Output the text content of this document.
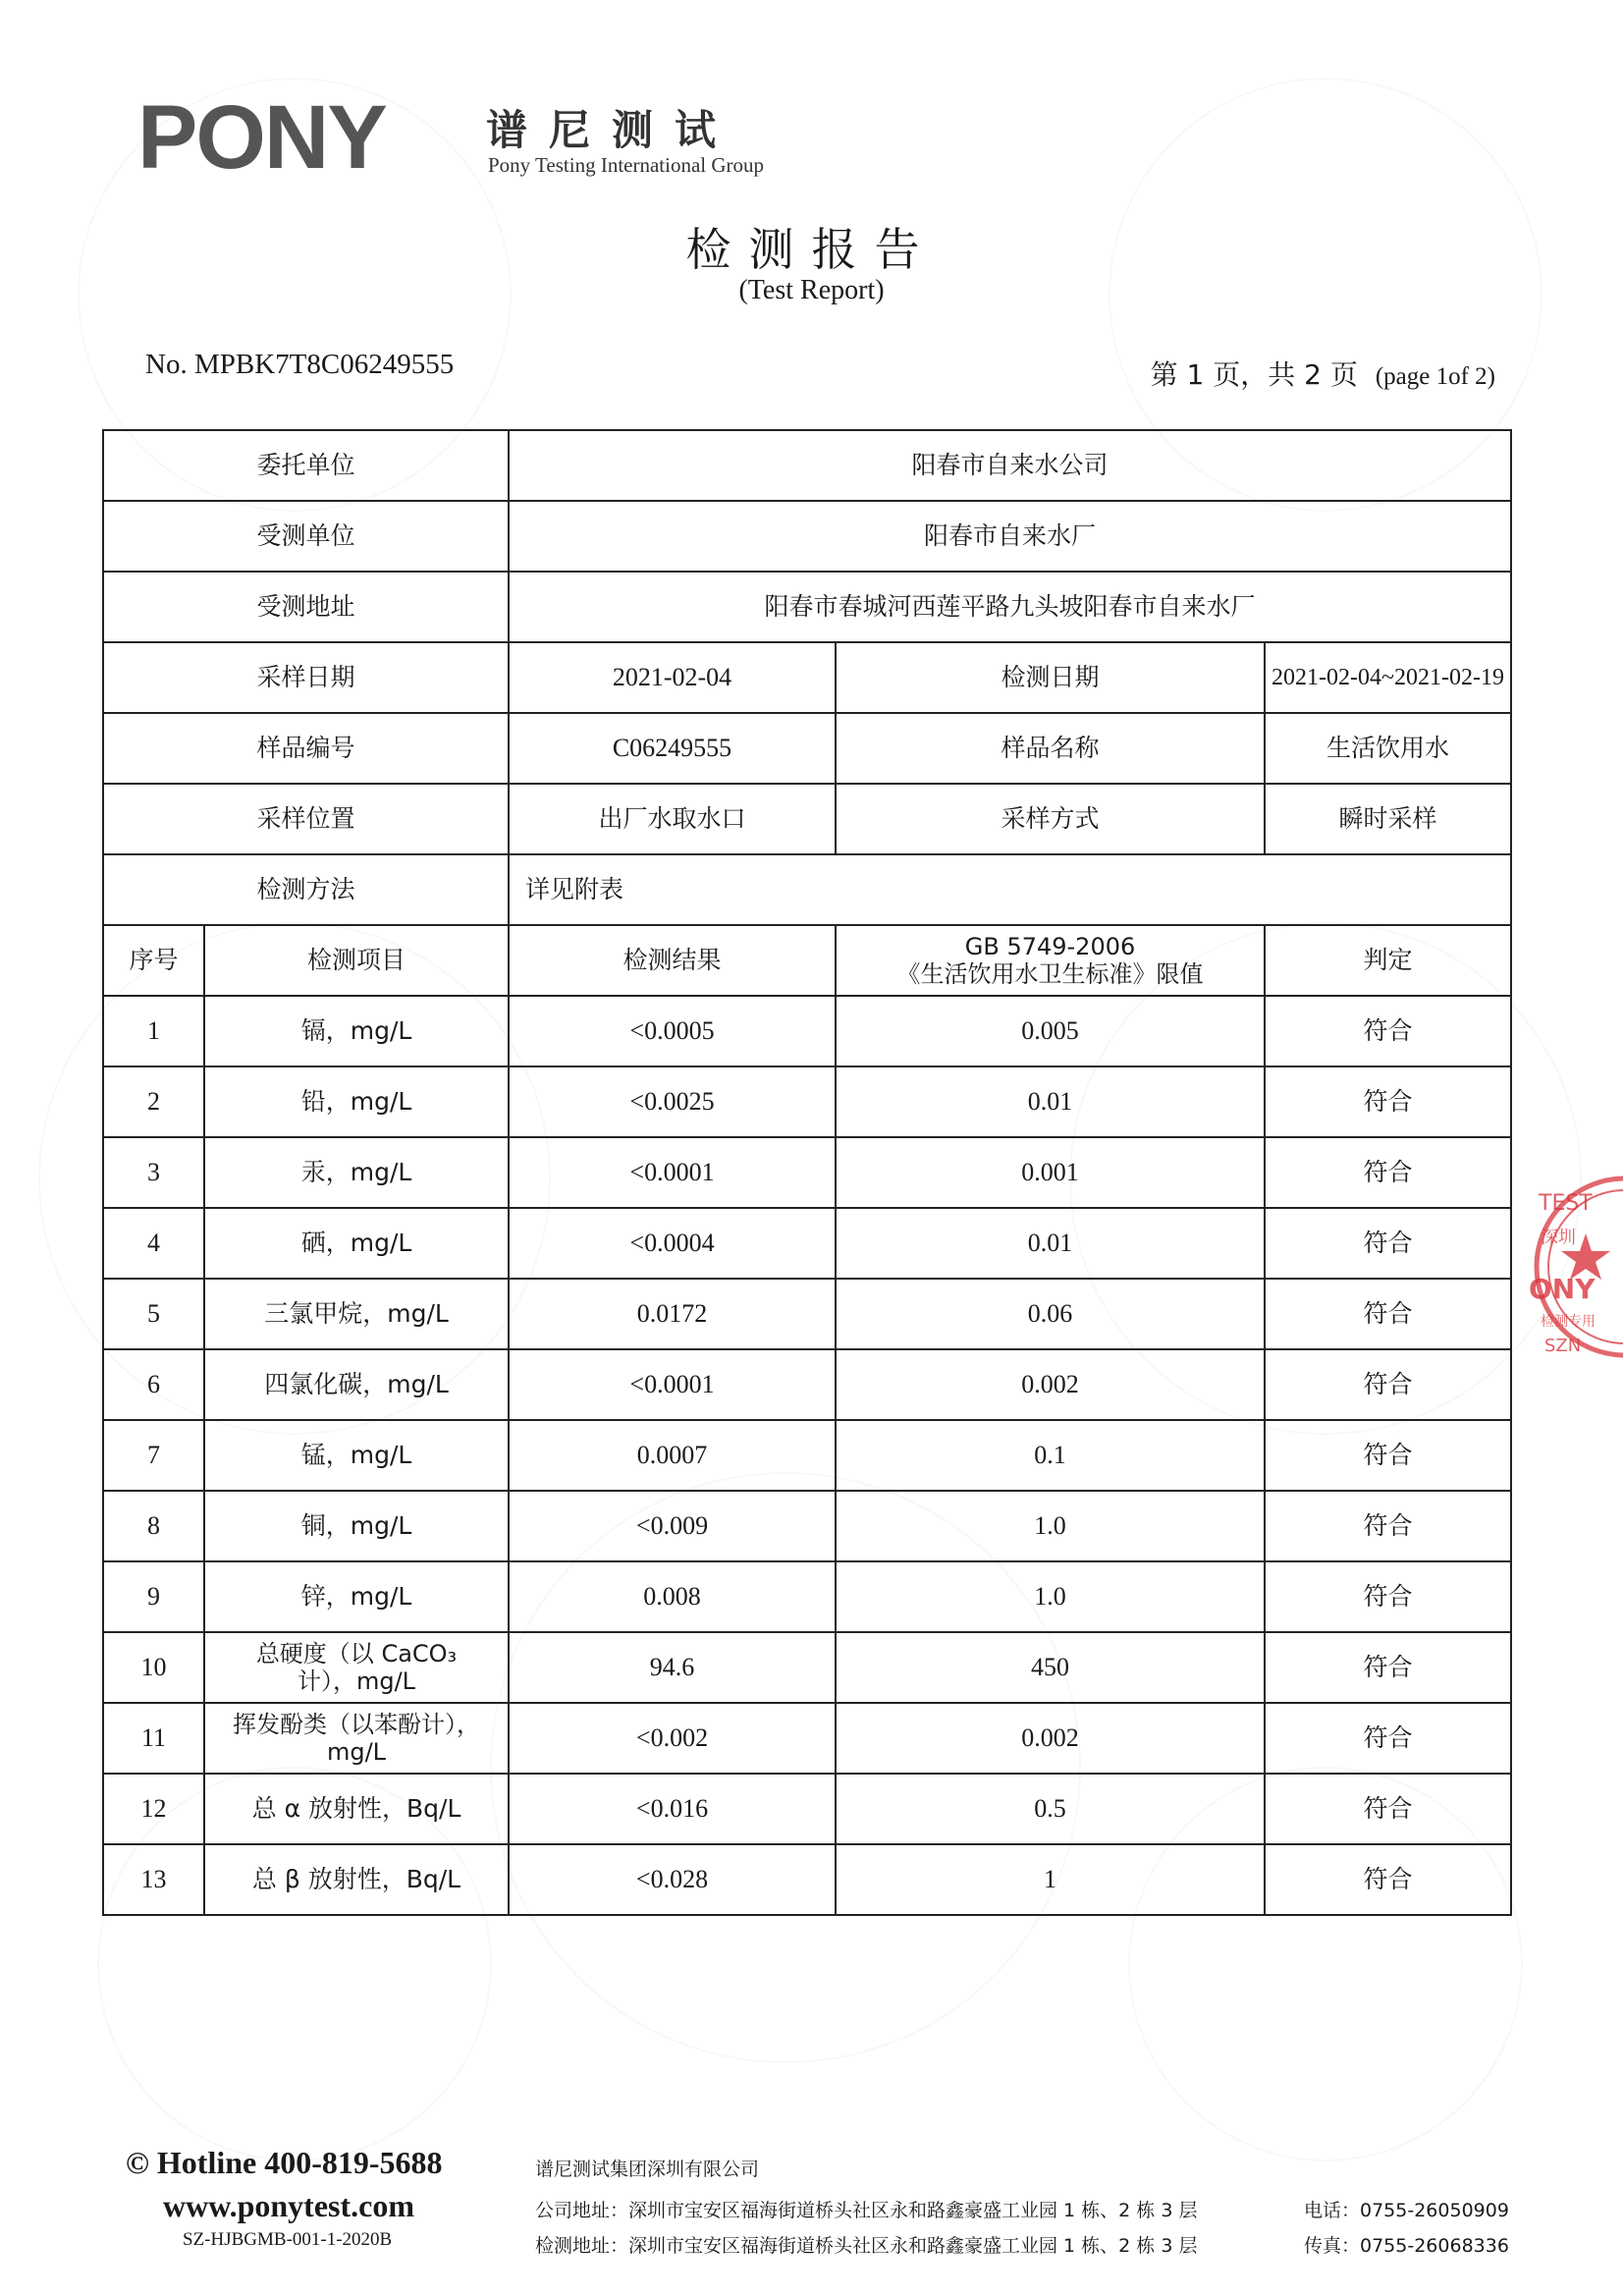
PONY 谱尼测试
Pony Testing International Group
检测报告
(Test Report)
No. MPBK7T8C06249555	第 1 页，共 2 页 (page 1of 2)
委托单位		阳春市自来水公司		
受测单位		阳春市自来水厂		
受测地址		阳春市春城河西莲平路九头坡阳春市自来水厂		
采样日期		2021-02-04	检测日期	2021-02-04~2021-02-19
样品编号		C06249555	样品名称	生活饮用水
采样位置		出厂水取水口	采样方式	瞬时采样
检测方法		详见附表		
序号	检测项目	检测结果	GB 5749-2006
《生活饮用水卫生标准》限值	判定
1	镉，mg/L	<0.0005	0.005	符合
2	铅，mg/L	<0.0025	0.01	符合
3	汞，mg/L	<0.0001	0.001	符合
4	硒，mg/L	<0.0004	0.01	符合
5	三氯甲烷，mg/L	0.0172	0.06	符合
6	四氯化碳，mg/L	<0.0001	0.002	符合
7	锰，mg/L	0.0007	0.1	符合
8	铜，mg/L	<0.009	1.0	符合
9	锌，mg/L	0.008	1.0	符合
10	总硬度（以 CaCO₃
计），mg/L	94.6	450	符合
11	挥发酚类（以苯酚计），
mg/L	<0.002	0.002	符合
12	总 α 放射性，Bq/L	<0.016	0.5	符合
13	总 β 放射性，Bq/L	<0.028	1	符合
TEST
深圳
ONY
检测专用
SZN
© Hotline 400-819-5688
www.ponytest.com
SZ-HJBGMB-001-1-2020B
谱尼测试集团深圳有限公司
公司地址：深圳市宝安区福海街道桥头社区永和路鑫豪盛工业园 1 栋、2 栋 3 层
检测地址：深圳市宝安区福海街道桥头社区永和路鑫豪盛工业园 1 栋、2 栋 3 层
电话：0755-26050909
传真：0755-26068336
